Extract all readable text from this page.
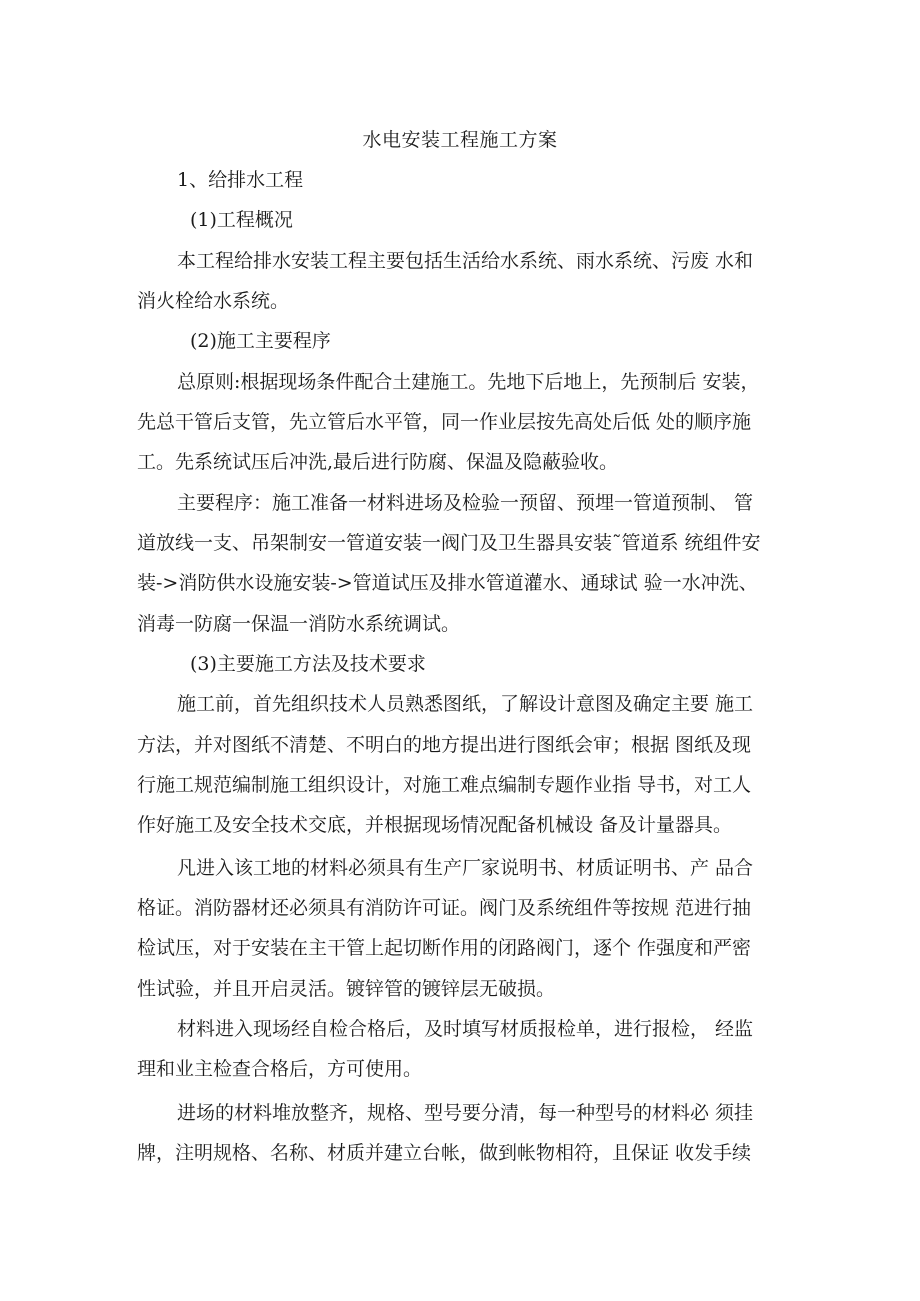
水电安装工程施工方案
1、给排水工程
(1)工程概况
本工程给排水安装工程主要包括生活给水系统、雨水系统、污废 水和
消火栓给水系统。
(2)施工主要程序
总原则:根据现场条件配合土建施工。先地下后地上，先预制后 安装，
先总干管后支管，先立管后水平管，同一作业层按先高处后低 处的顺序施
工。先系统试压后冲洗,最后进行防腐、保温及隐蔽验收。
主要程序：施工准备一材料进场及检验一预留、预埋一管道预制、 管
道放线一支、吊架制安一管道安装一阀门及卫生器具安装˜管道系 统组件安
装->消防供水设施安装->管道试压及排水管道灌水、通球试 验一水冲洗、
消毒一防腐一保温一消防水系统调试。
(3)主要施工方法及技术要求
施工前，首先组织技术人员熟悉图纸，了解设计意图及确定主要 施工
方法，并对图纸不清楚、不明白的地方提出进行图纸会审；根据 图纸及现
行施工规范编制施工组织设计，对施工难点编制专题作业指 导书，对工人
作好施工及安全技术交底，并根据现场情况配备机械设 备及计量器具。
凡进入该工地的材料必须具有生产厂家说明书、材质证明书、产 品合
格证。消防器材还必须具有消防许可证。阀门及系统组件等按规 范进行抽
检试压，对于安装在主干管上起切断作用的闭路阀门，逐个 作强度和严密
性试验，并且开启灵活。镀锌管的镀锌层无破损。
材料进入现场经自检合格后，及时填写材质报检单，进行报检， 经监
理和业主检查合格后，方可使用。
进场的材料堆放整齐，规格、型号要分清，每一种型号的材料必 须挂
牌，注明规格、名称、材质并建立台帐，做到帐物相符，且保证 收发手续
